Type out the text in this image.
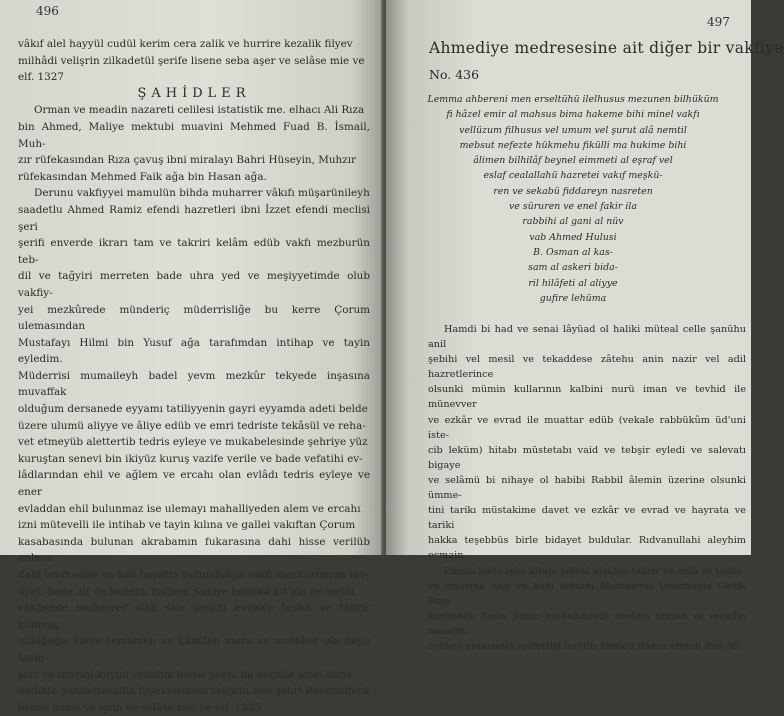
496

vâkıf alel hayyül cudül kerim cera zalik ve hurrire kezalik filyev

milhâdi velişrin zilkadetül şerife lisene seba aşer ve selâse mie ve

elf. 1327

ŞAHİDLER

Orman ve meadin nazareti celilesi istatistik me. elhacı Ali Rıza

bin Ahmed, Maliye mektubi muavini Mehmed Fuad B. İsmail, Muh-

zır rüfekasından Rıza çavuş ibni miralayı Bahri Hüseyin, Muhzır

rüfekasından Mehmed Faik ağa bin Hasan ağa.

Derunu vakfiyyei mamulün bihda muharrer vâkıfı müşarünileyh

saadetlu Ahmed Ramiz efendi hazretleri ibni İzzet efendi meclisi şeri

şerifi enverde ikrarı tam ve takriri kelâm edüb vakfı mezburün teb-

dil ve tağyiri merreten bade uhra yed ve meşiyyetimde olub vakfiy-

yei mezkûrede münderiç müderrisliğe bu kerre Çorum ulemasından

Mustafayı Hilmi bin Yusuf ağa tarafımdan intihap ve tayin eyledim.

Müderrisi mumaileyh badel yevm mezkûr tekyede inşasına muvaffak

olduğum dersanede eyyamı tatiliyyenin gayri eyyamda adeti belde

üzere ulumü aliyye ve âliye edüb ve emri tedriste tekâsül ve reha-

vet etmeyüb alettertib tedris eyleye ve mukabelesinde şehriye yüz

kuruştan senevi bin ikiyüz kuruş vazife verile ve bade vefatihi ev-

lâdlarından ehil ve ağlem ve ercahı olan evlâdı tedris eyleye ve ener

evladdan ehil bulunmaz ise ulemayı mahalliyeden alem ve ercahı

izni mütevelli ile intihab ve tayin kılına ve gallei vakıftan Çorum

kasabasında bulunan akrabamın fukarasına dahi hisse verilüb anlara

dahi tevzi edile ve hali hayatta bulundukça vakfı mezkûrümün tev-

liyeti bana ait ve badehu halilem Sabire hanıma ait ola ve metni

vakfiyede muharrer olan sair şeraiti evvelce tesbit ve tahrir kılınmış

olduğuğu üzere temamen ve kâmilen mera ve muteber ola deyu tayin

şart ve tebyini kuyud eyledim badel yevm bu veçhile amel olına

dedikte gabbettesadik filyevmissani velişrin min şehri Recebülferd

lisene hams ve işrin ve selâse mie ve elf. 1325

497
Ahmediye medresesine ait diğer bir vakfiye
No. 436

Lemma ahbereni men erseltühü ilelhusus mezunen bilhüküm

fi hâzel emir al mahsus bima hakeme bihi minel vakfı

vellüzum filhusus vel umum vel şurut alâ nemtil

mebsut nefezte hükmehu fikülli ma hukime bihi

âlimen bilhilâf beynel eimmeti al eşraf vel

eslaf cealallahü hazretei vakıf meşkü-

ren ve sekabü fiddareyn nasreten

ve süruren ve enel fakir ila

rabbihi al gani al nüv

vab Ahmed Hulusi

B. Osman al kas-

sam al askeri bida-

ril hilâfeti al aliyye

gufire lehüma

Hamdi bi had ve senai lâyüad ol haliki müteal celle şanühu anil

şebihi vel mesil ve tekaddese zâtehu anin nazir vel adil hazretlerince

olsunki mümin kullarının kalbini nurü iman ve tevhid ile münevver

ve ezkâr ve evrad ile muattar edüb (vekale rabbükûm üd'uni iste-

cib leküm) hitabı müstetabı vaid ve tebşir eyledi ve salevatı bigaye

ve selâmü bi nihaye ol habibi Rabbil âlemin üzerine olsunki ümme-

tini tarikı müstakime davet ve ezkâr ve evrad ve hayrata ve tariki

hakka teşebbüs birle bidayet buldular. Rıdvanullahi aleyhim ecmain.

Emma badü işbu kitabı şibhal nisabın tahrir ve imlâ ve tastir

ve inşasına bais ve bâdi oldurki Mahmiyyei İstanbulda Gedik Paşa

kurbünde Emin Sinan mahallesinde mukim orman ve meadin nazareti

celilesi muamelât müfettişi izzetlu Ahmed Ramiz efendi ibni Ali
